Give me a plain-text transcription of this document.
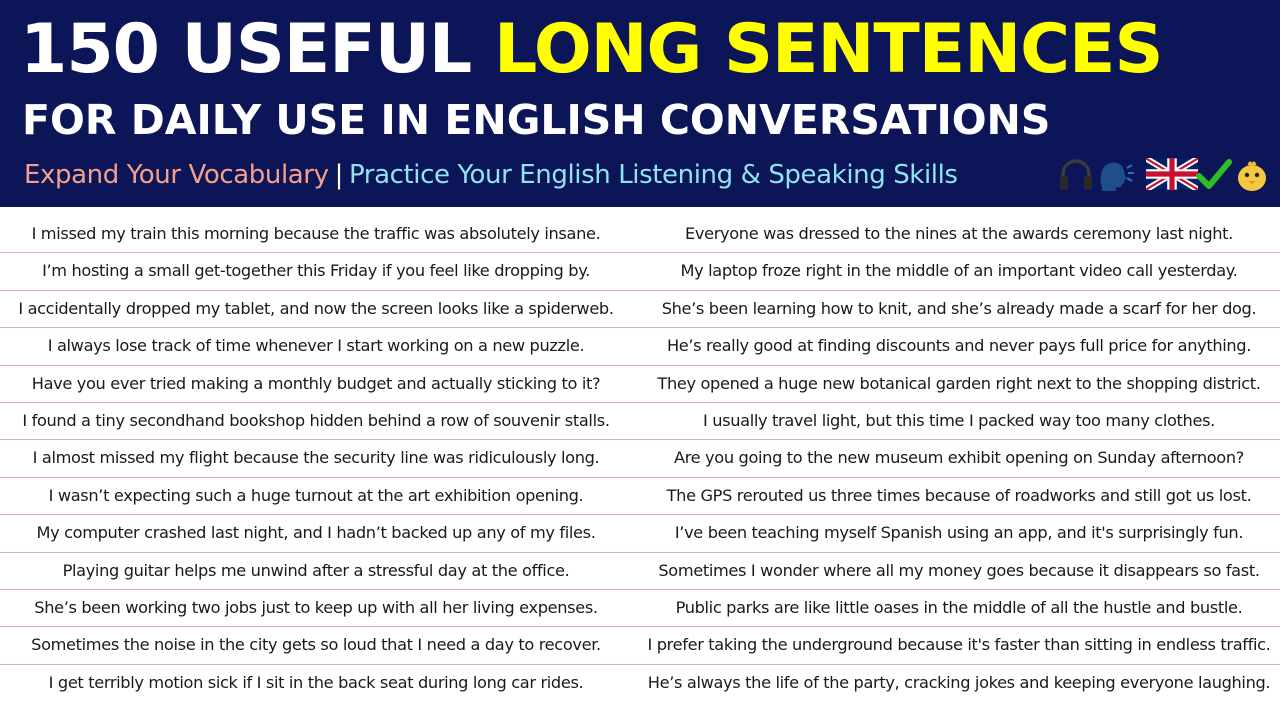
150 USEFUL LONG SENTENCES
FOR DAILY USE IN ENGLISH CONVERSATIONS
Expand Your Vocabulary | Practice Your English Listening & Speaking Skills
I missed my train this morning because the traffic was absolutely insane.	Everyone was dressed to the nines at the awards ceremony last night.
I’m hosting a small get-together this Friday if you feel like dropping by.	My laptop froze right in the middle of an important video call yesterday.
I accidentally dropped my tablet, and now the screen looks like a spiderweb.	She’s been learning how to knit, and she’s already made a scarf for her dog.
I always lose track of time whenever I start working on a new puzzle.	He’s really good at finding discounts and never pays full price for anything.
Have you ever tried making a monthly budget and actually sticking to it?	They opened a huge new botanical garden right next to the shopping district.
I found a tiny secondhand bookshop hidden behind a row of souvenir stalls.	I usually travel light, but this time I packed way too many clothes.
I almost missed my flight because the security line was ridiculously long.	Are you going to the new museum exhibit opening on Sunday afternoon?
I wasn’t expecting such a huge turnout at the art exhibition opening.	The GPS rerouted us three times because of roadworks and still got us lost.
My computer crashed last night, and I hadn’t backed up any of my files.	I’ve been teaching myself Spanish using an app, and it's surprisingly fun.
Playing guitar helps me unwind after a stressful day at the office.	Sometimes I wonder where all my money goes because it disappears so fast.
She’s been working two jobs just to keep up with all her living expenses.	Public parks are like little oases in the middle of all the hustle and bustle.
Sometimes the noise in the city gets so loud that I need a day to recover.	I prefer taking the underground because it's faster than sitting in endless traffic.
I get terribly motion sick if I sit in the back seat during long car rides.	He’s always the life of the party, cracking jokes and keeping everyone laughing.
